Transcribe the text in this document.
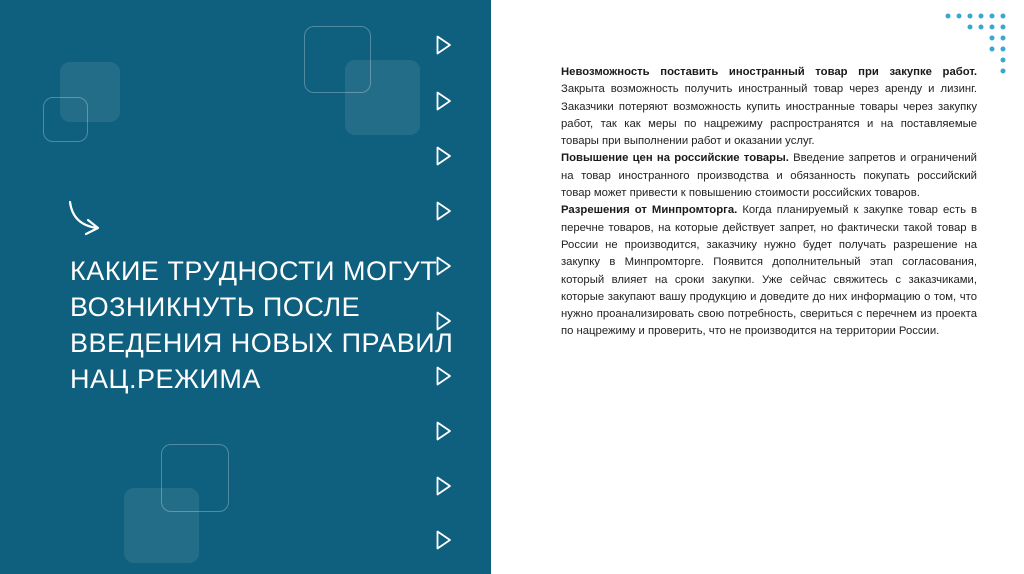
КАКИЕ ТРУДНОСТИ МОГУТ ВОЗНИКНУТЬ ПОСЛЕ ВВЕДЕНИЯ НОВЫХ ПРАВИЛ НАЦ.РЕЖИМА

Невозможность поставить иностранный товар при закупке работ. Закрыта возможность получить иностранный товар через аренду и лизинг. Заказчики потеряют возможность купить иностранные товары через закупку работ, так как меры по нацрежиму распространятся и на поставляемые товары при выполнении работ и оказании услуг.

Повышение цен на российские товары. Введение запретов и ограничений на товар иностранного производства и обязанность покупать российский товар может привести к повышению стоимости российских товаров.

Разрешения от Минпромторга. Когда планируемый к закупке товар есть в перечне товаров, на которые действует запрет, но фактически такой товар в России не производится, заказчику нужно будет получать разрешение на закупку в Минпромторге. Появится дополнительный этап согласования, который влияет на сроки закупки. Уже сейчас свяжитесь с заказчиками, которые закупают вашу продукцию и доведите до них информацию о том, что нужно проанализировать свою потребность, свериться с перечнем из проекта по нацрежиму и проверить, что не производится на территории России.
